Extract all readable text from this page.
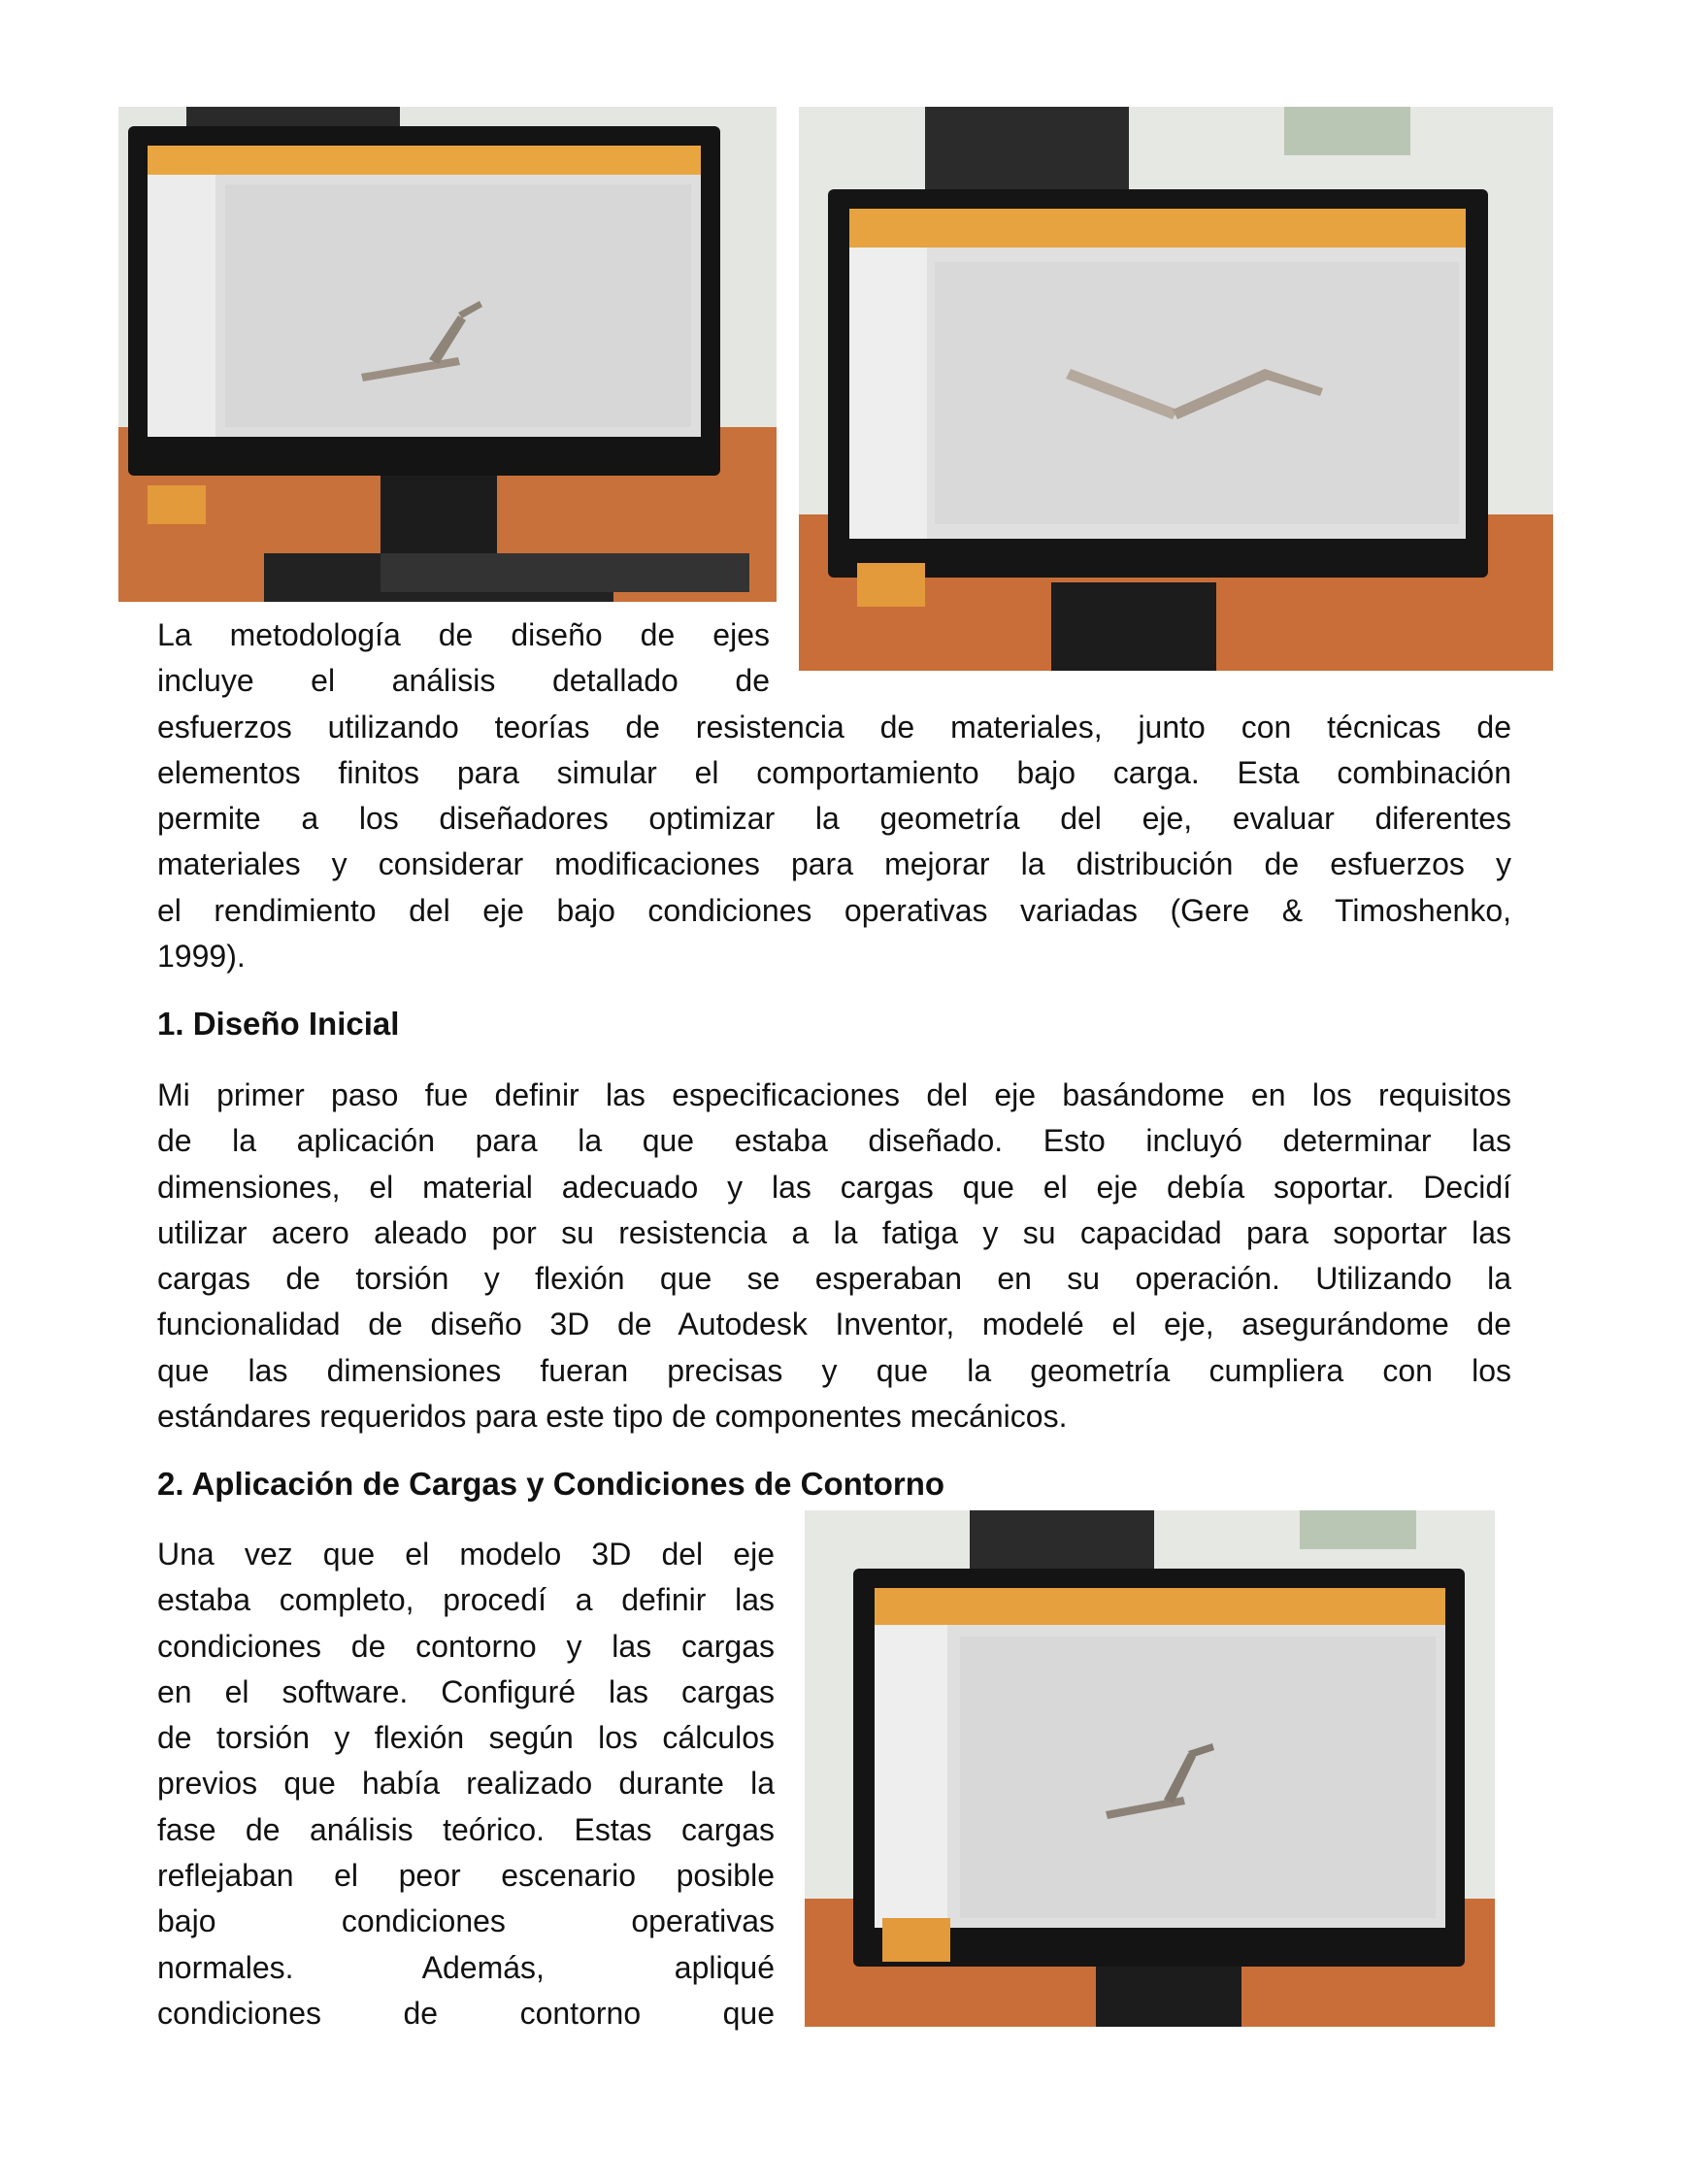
La metodología de diseño de ejes
incluye el análisis detallado de
esfuerzos utilizando teorías de resistencia de materiales, junto con técnicas de
elementos finitos para simular el comportamiento bajo carga. Esta combinación
permite a los diseñadores optimizar la geometría del eje, evaluar diferentes
materiales y considerar modificaciones para mejorar la distribución de esfuerzos y
el rendimiento del eje bajo condiciones operativas variadas (Gere & Timoshenko,
1999).
1. Diseño Inicial
Mi primer paso fue definir las especificaciones del eje basándome en los requisitos
de la aplicación para la que estaba diseñado. Esto incluyó determinar las
dimensiones, el material adecuado y las cargas que el eje debía soportar. Decidí
utilizar acero aleado por su resistencia a la fatiga y su capacidad para soportar las
cargas de torsión y flexión que se esperaban en su operación. Utilizando la
funcionalidad de diseño 3D de Autodesk Inventor, modelé el eje, asegurándome de
que las dimensiones fueran precisas y que la geometría cumpliera con los
estándares requeridos para este tipo de componentes mecánicos.
2. Aplicación de Cargas y Condiciones de Contorno
Una vez que el modelo 3D del eje
estaba completo, procedí a definir las
condiciones de contorno y las cargas
en el software. Configuré las cargas
de torsión y flexión según los cálculos
previos que había realizado durante la
fase de análisis teórico. Estas cargas
reflejaban el peor escenario posible
bajo condiciones operativas
normales. Además, apliqué
condiciones de contorno que
